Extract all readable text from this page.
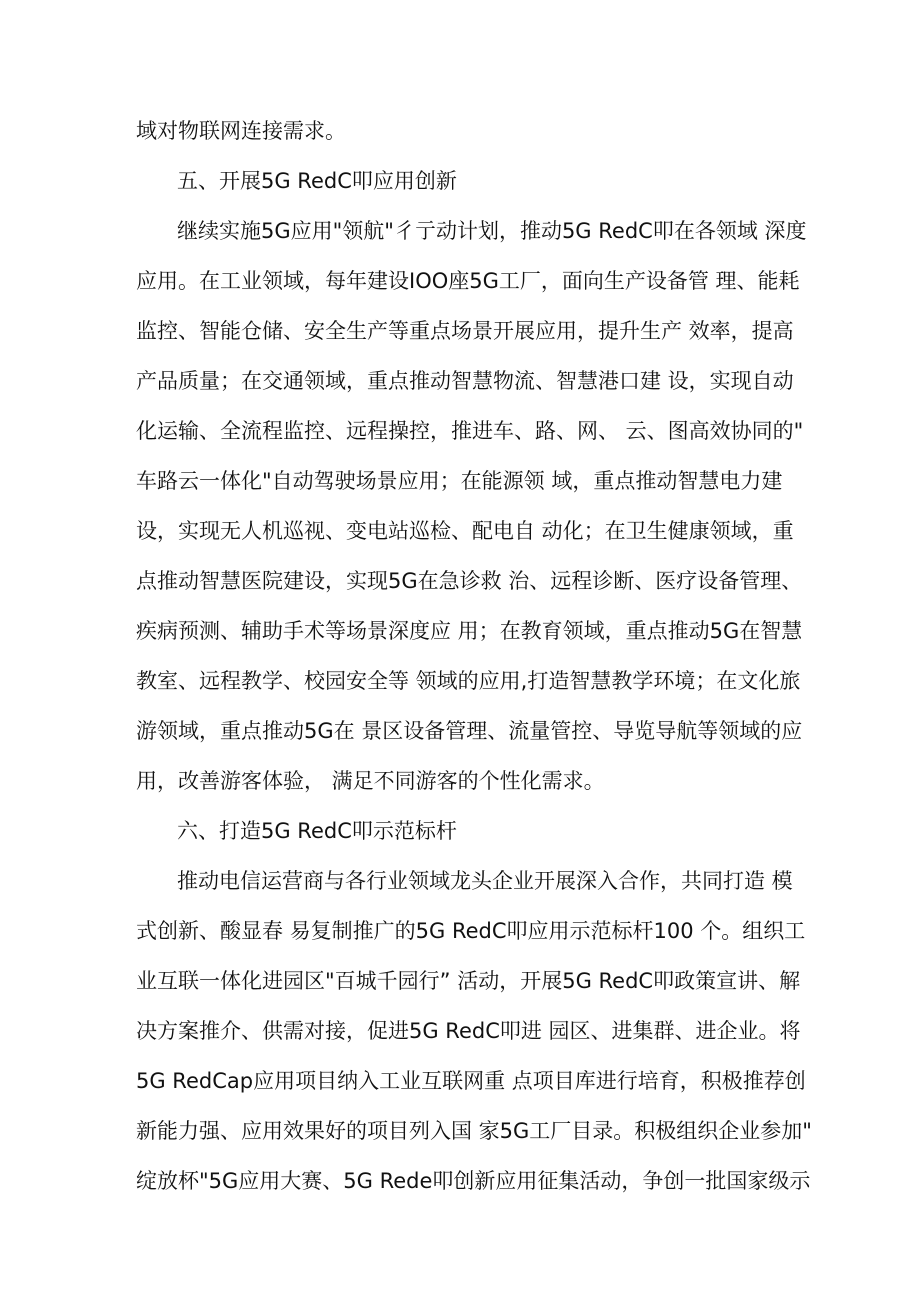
域对物联网连接需求。
五、开展5G RedC叩应用创新
继续实施5G应用"领航"彳亍动计划，推动5G RedC叩在各领域 深度
应用。在工业领域，每年建设IOO座5G工厂，面向生产设备管 理、能耗
监控、智能仓储、安全生产等重点场景开展应用，提升生产 效率，提高
产品质量；在交通领域，重点推动智慧物流、智慧港口建 设，实现自动
化运输、全流程监控、远程操控，推进车、路、网、 云、图高效协同的"
车路云一体化"自动驾驶场景应用；在能源领 域，重点推动智慧电力建
设，实现无人机巡视、变电站巡检、配电自 动化；在卫生健康领域，重
点推动智慧医院建设，实现5G在急诊救 治、远程诊断、医疗设备管理、
疾病预测、辅助手术等场景深度应 用；在教育领域，重点推动5G在智慧
教室、远程教学、校园安全等 领域的应用,打造智慧教学环境；在文化旅
游领域，重点推动5G在 景区设备管理、流量管控、导览导航等领域的应
用，改善游客体验， 满足不同游客的个性化需求。
六、打造5G RedC叩示范标杆
推动电信运营商与各行业领域龙头企业开展深入合作，共同打造 模
式创新、酸显春 易复制推广的5G RedC叩应用示范标杆100 个。组织工
业互联一体化进园区"百城千园行” 活动，开展5G RedC叩政策宣讲、解
决方案推介、供需对接，促进5G RedC叩进 园区、进集群、进企业。将
5G RedCap应用项目纳入工业互联网重 点项目库进行培育，积极推荐创
新能力强、应用效果好的项目列入国 家5G工厂目录。积极组织企业参加"
绽放杯"5G应用大赛、5G Rede叩创新应用征集活动，争创一批国家级示
